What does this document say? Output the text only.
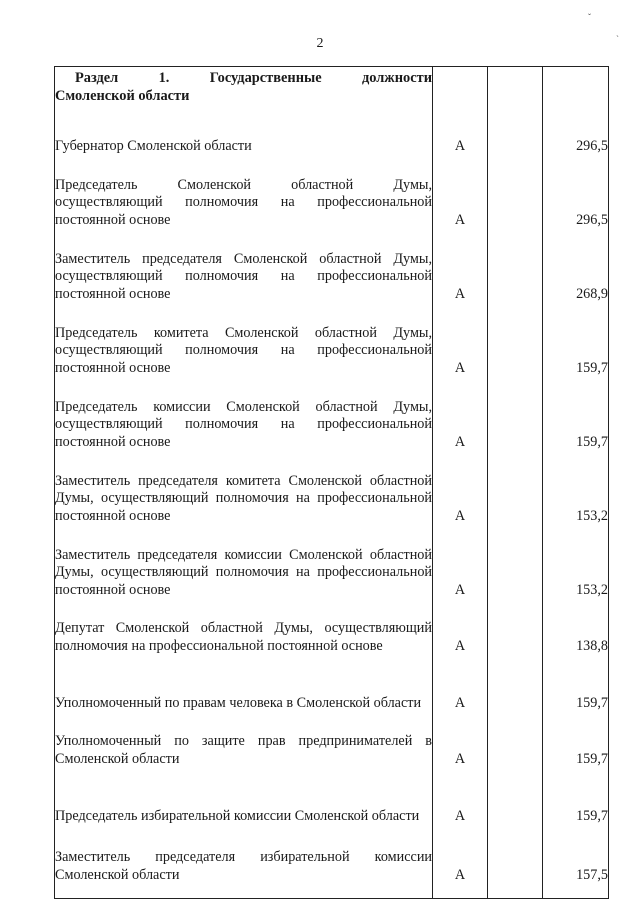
2
ˇ
ˋ
Раздел 1. Государственные должности
Смоленской области			

Губернатор Смоленской области	А		296,5

Председатель Смоленской областной Думы, осуществляющий полномочия на профессиональной постоянной основе	А		296,5

Заместитель председателя Смоленской областной Думы, осуществляющий полномочия на профессиональной постоянной основе	А		268,9

Председатель комитета Смоленской областной Думы, осуществляющий полномочия на профессиональной постоянной основе	А		159,7

Председатель комиссии Смоленской областной Думы, осуществляющий полномочия на профессиональной постоянной основе	А		159,7

Заместитель председателя комитета Смоленской областной Думы, осуществляющий полномочия на профессиональной постоянной основе	А		153,2

Заместитель председателя комиссии Смоленской областной Думы, осуществляющий полномочия на профессиональной постоянной основе	А		153,2

Депутат Смоленской областной Думы, осуществляющий полномочия на профессиональной постоянной основе	А		138,8

Уполномоченный по правам человека в Смоленской области	А		159,7

Уполномоченный по защите прав предпринимателей в Смоленской области	А		159,7

Председатель избирательной комиссии Смоленской области	А		159,7

Заместитель председателя избирательной комиссии Смоленской области	А		157,5
